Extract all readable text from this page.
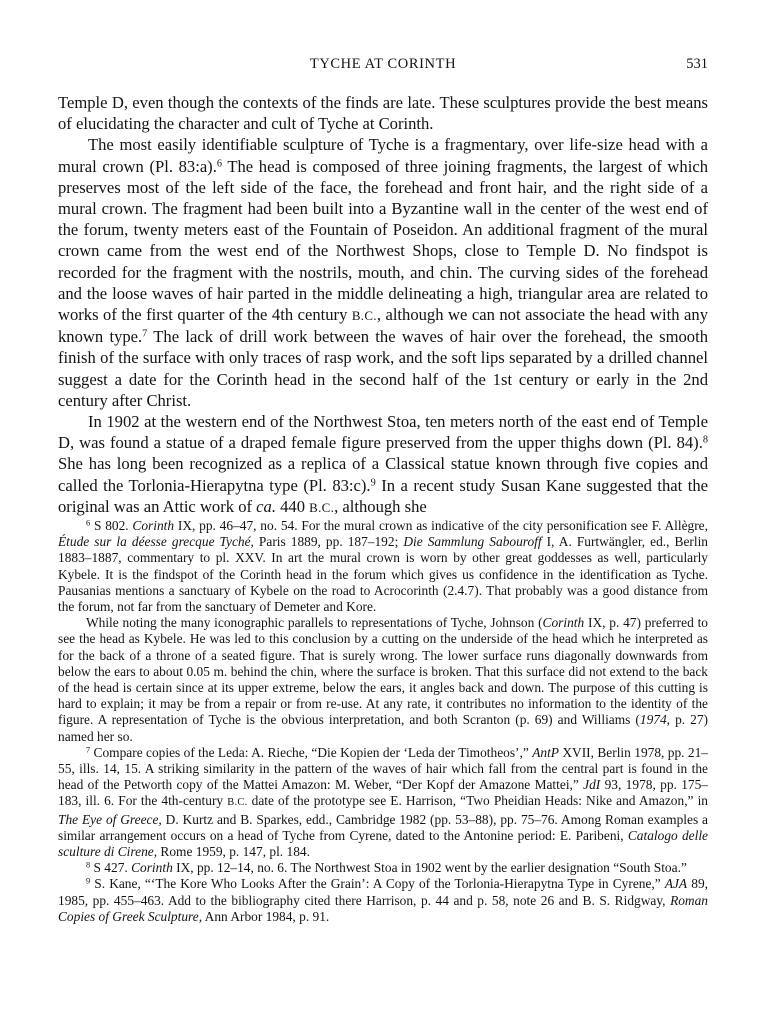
TYCHE AT CORINTH	531

Temple D, even though the contexts of the finds are late. These sculptures provide the best means of elucidating the character and cult of Tyche at Corinth.

The most easily identifiable sculpture of Tyche is a fragmentary, over life-size head with a mural crown (Pl. 83:a).$^6$ The head is composed of three joining fragments, the largest of which preserves most of the left side of the face, the forehead and front hair, and the right side of a mural crown. The fragment had been built into a Byzantine wall in the center of the west end of the forum, twenty meters east of the Fountain of Poseidon. An additional fragment of the mural crown came from the west end of the Northwest Shops, close to Temple D. No findspot is recorded for the fragment with the nostrils, mouth, and chin. The curving sides of the forehead and the loose waves of hair parted in the middle delineating a high, triangular area are related to works of the first quarter of the 4th century B.C., although we can not associate the head with any known type.$^7$ The lack of drill work between the waves of hair over the forehead, the smooth finish of the surface with only traces of rasp work, and the soft lips separated by a drilled channel suggest a date for the Corinth head in the second half of the 1st century or early in the 2nd century after Christ.

In 1902 at the western end of the Northwest Stoa, ten meters north of the east end of Temple D, was found a statue of a draped female figure preserved from the upper thighs down (Pl. 84).$^8$ She has long been recognized as a replica of a Classical statue known through five copies and called the Torlonia-Hierapytna type (Pl. 83:c).$^9$ In a recent study Susan Kane suggested that the original was an Attic work of ca. 440 B.C., although she

$^6$ S 802. Corinth IX, pp. 46–47, no. 54. For the mural crown as indicative of the city personification see F. Allègre, Étude sur la déesse grecque Tyché, Paris 1889, pp. 187–192; Die Sammlung Sabouroff I, A. Furtwängler, ed., Berlin 1883–1887, commentary to pl. XXV. In art the mural crown is worn by other great goddesses as well, particularly Kybele. It is the findspot of the Corinth head in the forum which gives us confidence in the identification as Tyche. Pausanias mentions a sanctuary of Kybele on the road to Acrocorinth (2.4.7). That probably was a good distance from the forum, not far from the sanctuary of Demeter and Kore.

While noting the many iconographic parallels to representations of Tyche, Johnson (Corinth IX, p. 47) preferred to see the head as Kybele. He was led to this conclusion by a cutting on the underside of the head which he interpreted as for the back of a throne of a seated figure. That is surely wrong. The lower surface runs diagonally downwards from below the ears to about 0.05 m. behind the chin, where the surface is broken. That this surface did not extend to the back of the head is certain since at its upper extreme, below the ears, it angles back and down. The purpose of this cutting is hard to explain; it may be from a repair or from re-use. At any rate, it contributes no information to the identity of the figure. A representation of Tyche is the obvious interpretation, and both Scranton (p. 69) and Williams (1974, p. 27) named her so.

$^7$ Compare copies of the Leda: A. Rieche, “Die Kopien der ‘Leda der Timotheos’,” AntP XVII, Berlin 1978, pp. 21–55, ills. 14, 15. A striking similarity in the pattern of the waves of hair which fall from the central part is found in the head of the Petworth copy of the Mattei Amazon: M. Weber, “Der Kopf der Amazone Mattei,” JdI 93, 1978, pp. 175–183, ill. 6. For the 4th-century B.C. date of the prototype see E. Harrison, “Two Pheidian Heads: Nike and Amazon,” in The Eye of Greece, D. Kurtz and B. Sparkes, edd., Cambridge 1982 (pp. 53–88), pp. 75–76. Among Roman examples a similar arrangement occurs on a head of Tyche from Cyrene, dated to the Antonine period: E. Paribeni, Catalogo delle sculture di Cirene, Rome 1959, p. 147, pl. 184.

$^8$ S 427. Corinth IX, pp. 12–14, no. 6. The Northwest Stoa in 1902 went by the earlier designation “South Stoa.”

$^9$ S. Kane, “‘The Kore Who Looks After the Grain’: A Copy of the Torlonia-Hierapytna Type in Cyrene,” AJA 89, 1985, pp. 455–463. Add to the bibliography cited there Harrison, p. 44 and p. 58, note 26 and B. S. Ridgway, Roman Copies of Greek Sculpture, Ann Arbor 1984, p. 91.
